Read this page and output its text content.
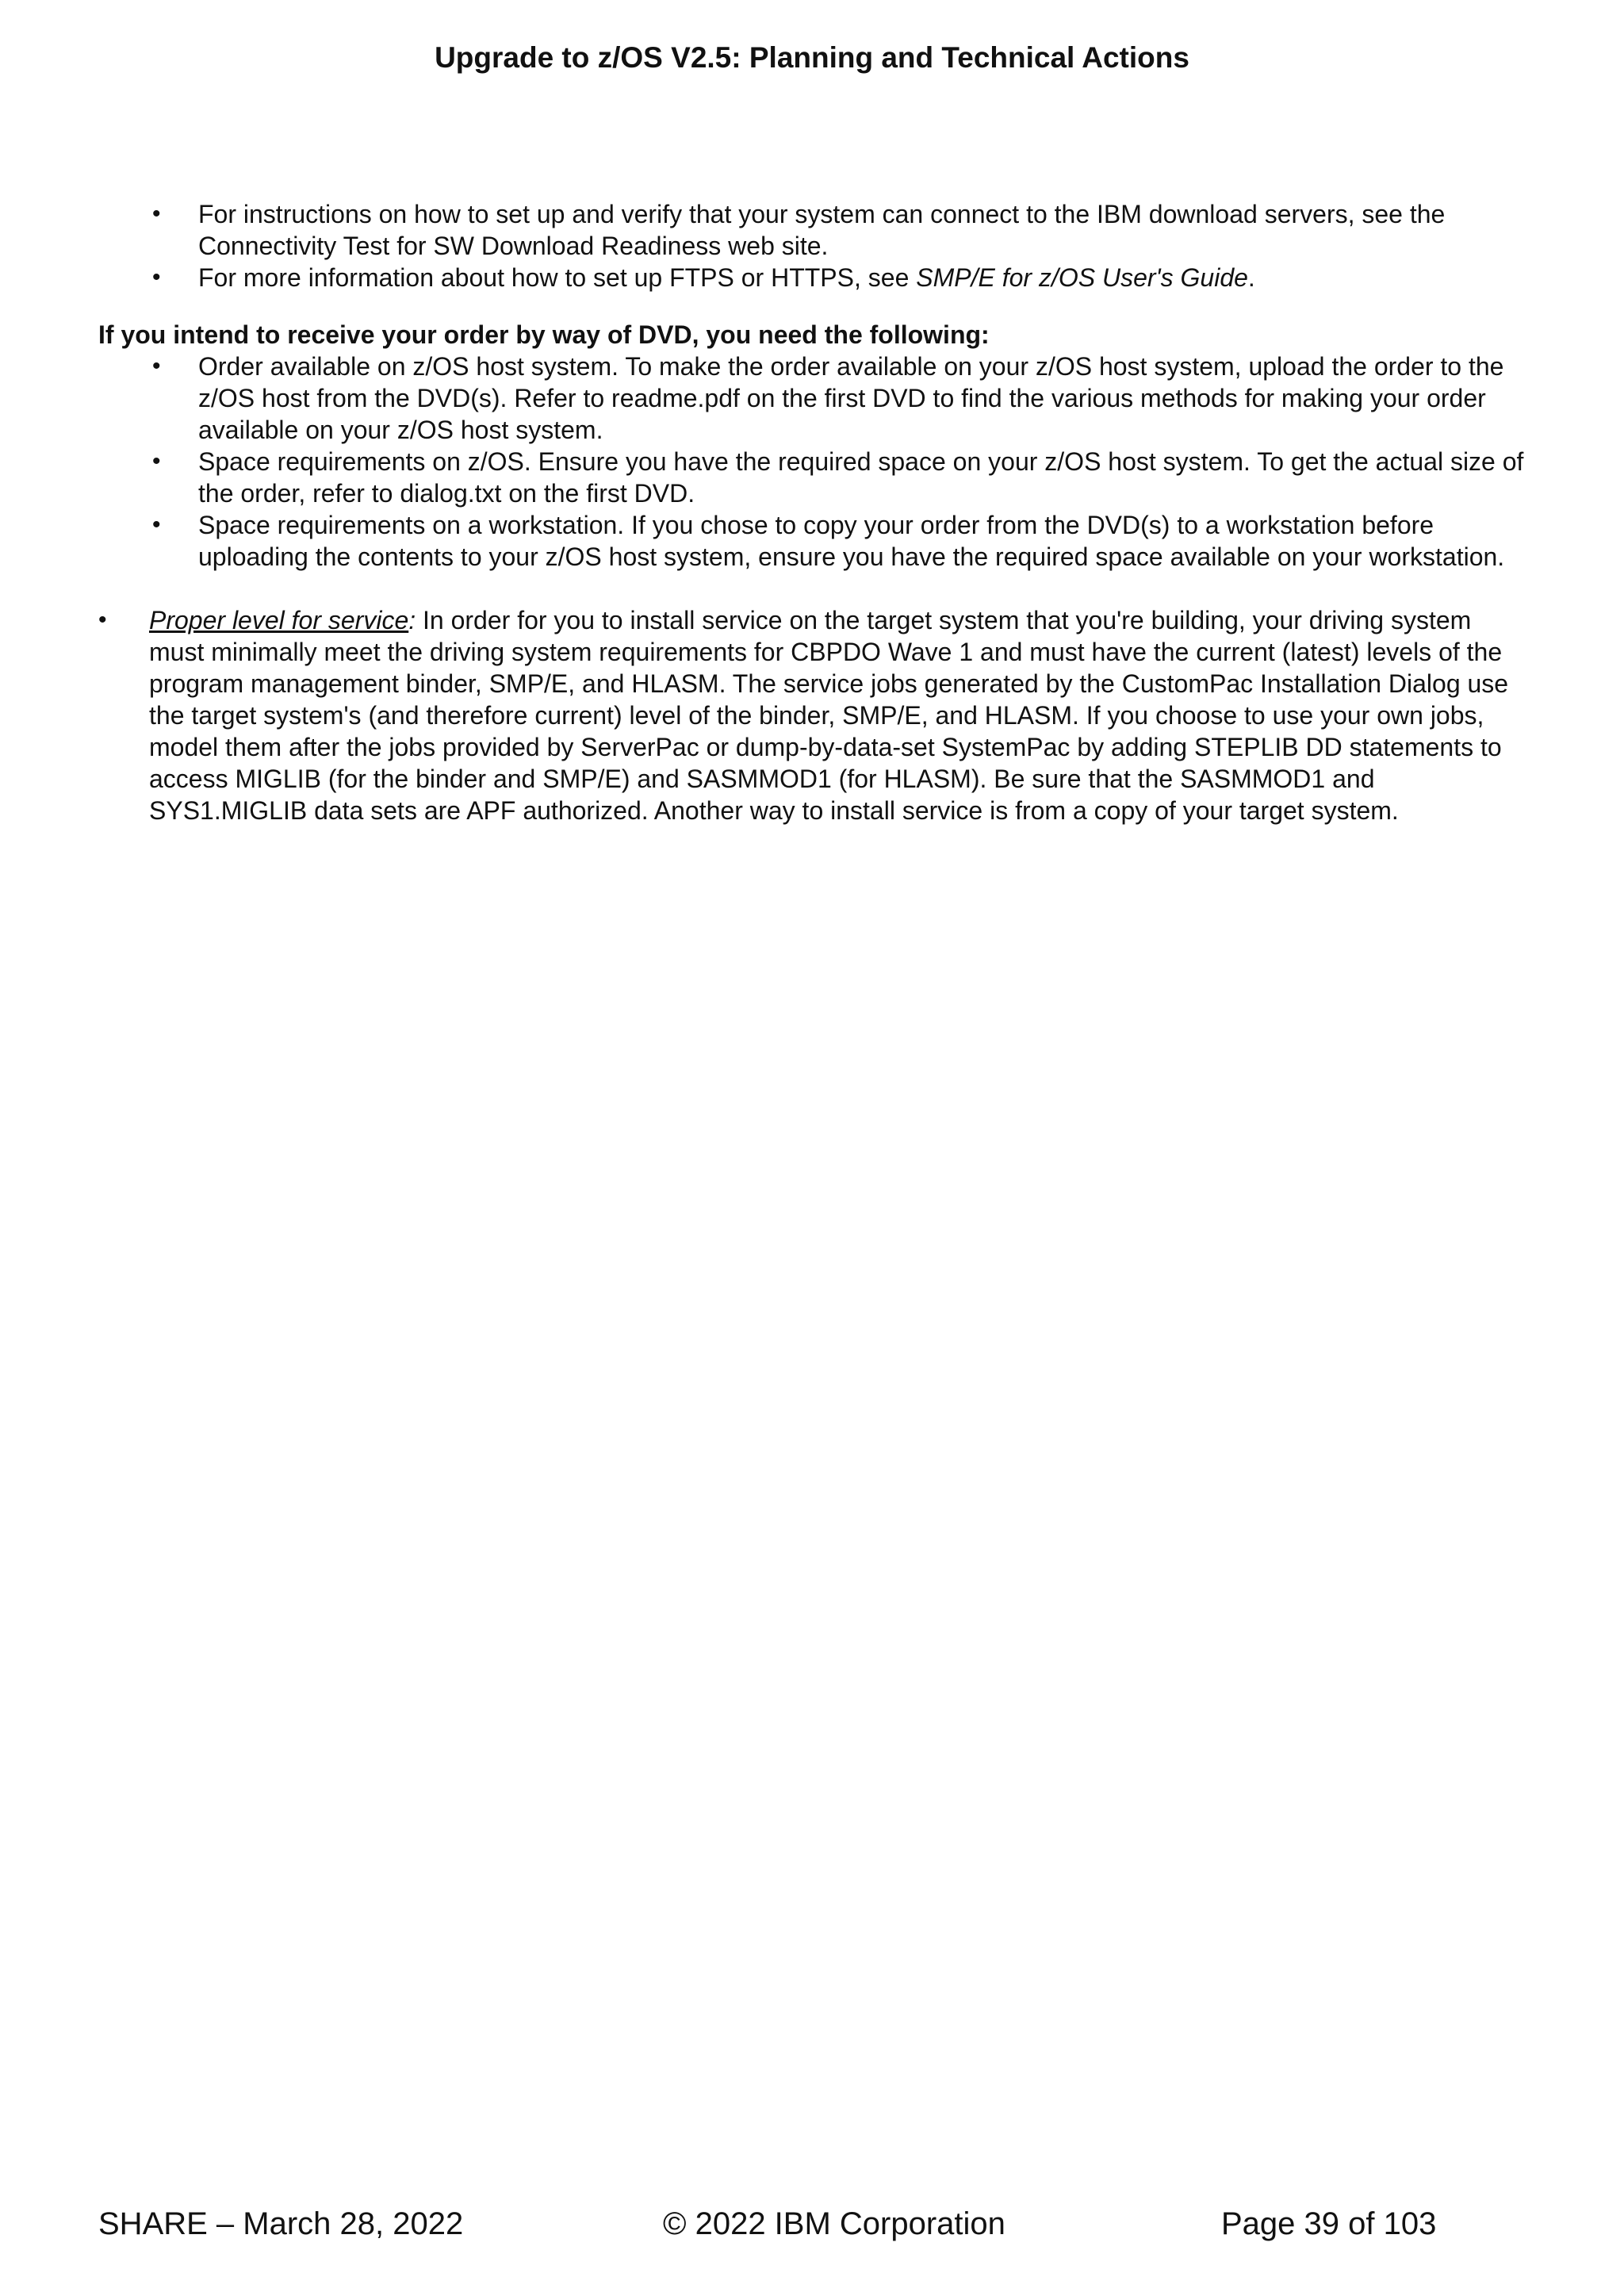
Upgrade to z/OS V2.5: Planning and Technical Actions
• For instructions on how to set up and verify that your system can connect to the IBM download servers, see the Connectivity Test for SW Download Readiness web site.
• For more information about how to set up FTPS or HTTPS, see SMP/E for z/OS User's Guide.
If you intend to receive your order by way of DVD, you need the following:
• Order available on z/OS host system. To make the order available on your z/OS host system, upload the order to the z/OS host from the DVD(s). Refer to readme.pdf on the first DVD to find the various methods for making your order available on your z/OS host system.
• Space requirements on z/OS. Ensure you have the required space on your z/OS host system. To get the actual size of the order, refer to dialog.txt on the first DVD.
• Space requirements on a workstation. If you chose to copy your order from the DVD(s) to a workstation before uploading the contents to your z/OS host system, ensure you have the required space available on your workstation.
• Proper level for service: In order for you to install service on the target system that you're building, your driving system must minimally meet the driving system requirements for CBPDO Wave 1 and must have the current (latest) levels of the program management binder, SMP/E, and HLASM. The service jobs generated by the CustomPac Installation Dialog use the target system's (and therefore current) level of the binder, SMP/E, and HLASM. If you choose to use your own jobs, model them after the jobs provided by ServerPac or dump-by-data-set SystemPac by adding STEPLIB DD statements to access MIGLIB (for the binder and SMP/E) and SASMMOD1 (for HLASM). Be sure that the SASMMOD1 and SYS1.MIGLIB data sets are APF authorized. Another way to install service is from a copy of your target system.
SHARE – March 28, 2022	© 2022 IBM Corporation	Page 39 of 103
